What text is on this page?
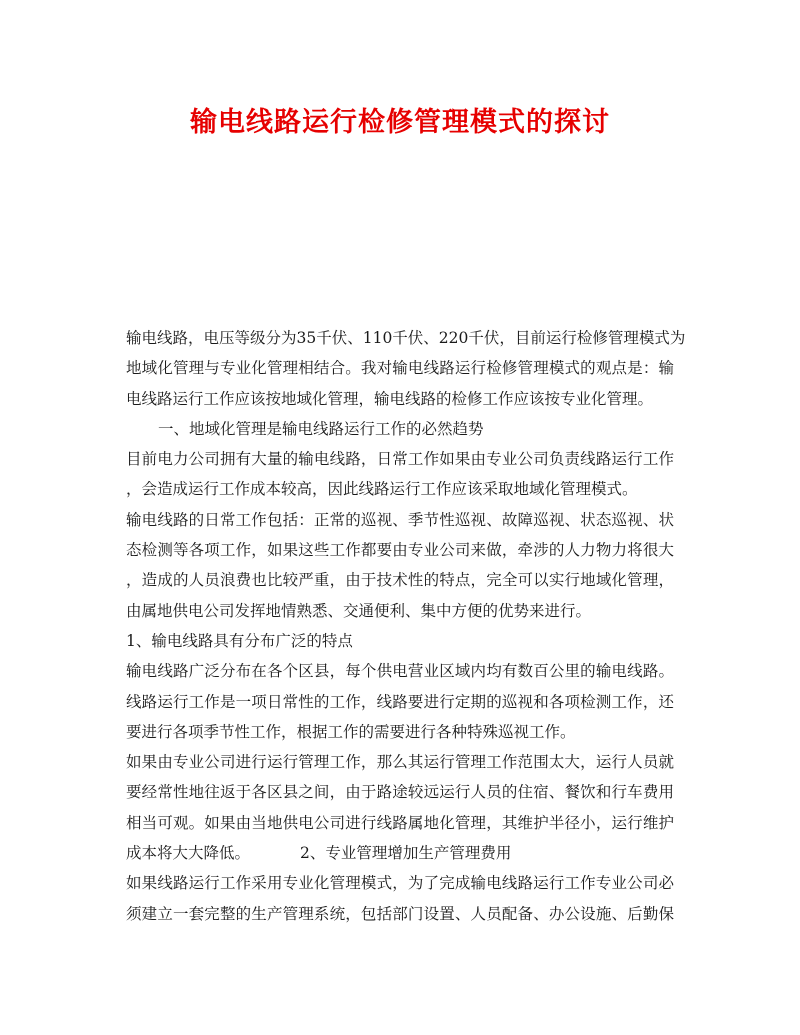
输电线路运行检修管理模式的探讨
输电线路，电压等级分为35千伏、110千伏、220千伏，目前运行检修管理模式为
地域化管理与专业化管理相结合。我对输电线路运行检修管理模式的观点是：输
电线路运行工作应该按地域化管理，输电线路的检修工作应该按专业化管理。
一、地域化管理是输电线路运行工作的必然趋势
目前电力公司拥有大量的输电线路，日常工作如果由专业公司负责线路运行工作
，会造成运行工作成本较高，因此线路运行工作应该采取地域化管理模式。
输电线路的日常工作包括：正常的巡视、季节性巡视、故障巡视、状态巡视、状
态检测等各项工作，如果这些工作都要由专业公司来做，牵涉的人力物力将很大
，造成的人员浪费也比较严重，由于技术性的特点，完全可以实行地域化管理，
由属地供电公司发挥地情熟悉、交通便利、集中方便的优势来进行。
1、输电线路具有分布广泛的特点
输电线路广泛分布在各个区县，每个供电营业区域内均有数百公里的输电线路。
线路运行工作是一项日常性的工作，线路要进行定期的巡视和各项检测工作，还
要进行各项季节性工作，根据工作的需要进行各种特殊巡视工作。
如果由专业公司进行运行管理工作，那么其运行管理工作范围太大，运行人员就
要经常性地往返于各区县之间，由于路途较远运行人员的住宿、餐饮和行车费用
相当可观。如果由当地供电公司进行线路属地化管理，其维护半径小，运行维护
成本将大大降低。	2、专业管理增加生产管理费用
如果线路运行工作采用专业化管理模式，为了完成输电线路运行工作专业公司必
须建立一套完整的生产管理系统，包括部门设置、人员配备、办公设施、后勤保
